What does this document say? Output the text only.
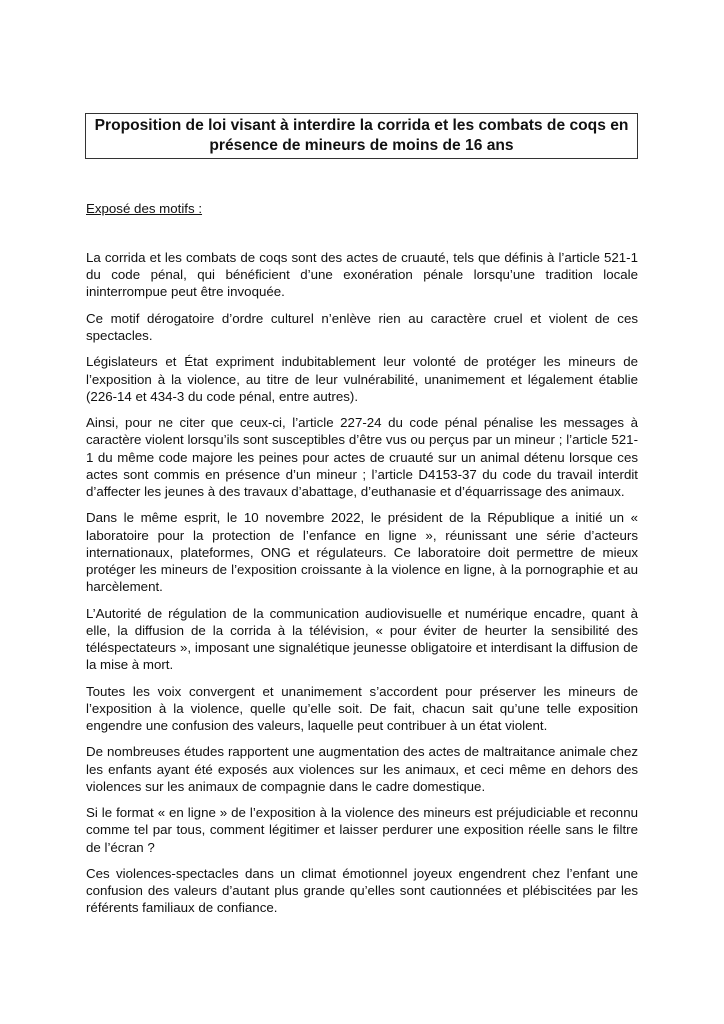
Proposition de loi visant à interdire la corrida et les combats de coqs en présence de mineurs de moins de 16 ans
Exposé des motifs :

La corrida et les combats de coqs sont des actes de cruauté, tels que définis à l’article 521-1 du code pénal, qui bénéficient d’une exonération pénale lorsqu’une tradition locale ininterrompue peut être invoquée.

Ce motif dérogatoire d’ordre culturel n’enlève rien au caractère cruel et violent de ces spectacles.

Législateurs et État expriment indubitablement leur volonté de protéger les mineurs de l’exposition à la violence, au titre de leur vulnérabilité, unanimement et légalement établie (226-14 et 434-3 du code pénal, entre autres).

Ainsi, pour ne citer que ceux-ci, l’article 227-24 du code pénal pénalise les messages à caractère violent lorsqu’ils sont susceptibles d’être vus ou perçus par un mineur ; l’article 521-1 du même code majore les peines pour actes de cruauté sur un animal détenu lorsque ces actes sont commis en présence d’un mineur ; l’article D4153-37 du code du travail interdit d’affecter les jeunes à des travaux d’abattage, d’euthanasie et d’équarrissage des animaux.

Dans le même esprit, le 10 novembre 2022, le président de la République a initié un « laboratoire pour la protection de l’enfance en ligne », réunissant une série d’acteurs internationaux, plateformes, ONG et régulateurs. Ce laboratoire doit permettre de mieux protéger les mineurs de l’exposition croissante à la violence en ligne, à la pornographie et au harcèlement.

L’Autorité de régulation de la communication audiovisuelle et numérique encadre, quant à elle, la diffusion de la corrida à la télévision, « pour éviter de heurter la sensibilité des téléspectateurs », imposant une signalétique jeunesse obligatoire et interdisant la diffusion de la mise à mort.

Toutes les voix convergent et unanimement s’accordent pour préserver les mineurs de l’exposition à la violence, quelle qu’elle soit. De fait, chacun sait qu’une telle exposition engendre une confusion des valeurs, laquelle peut contribuer à un état violent.

De nombreuses études rapportent une augmentation des actes de maltraitance animale chez les enfants ayant été exposés aux violences sur les animaux, et ceci même en dehors des violences sur les animaux de compagnie dans le cadre domestique.

Si le format « en ligne » de l’exposition à la violence des mineurs est préjudiciable et reconnu comme tel par tous, comment légitimer et laisser perdurer une exposition réelle sans le filtre de l’écran ?

Ces violences-spectacles dans un climat émotionnel joyeux engendrent chez l’enfant une confusion des valeurs d’autant plus grande qu’elles sont cautionnées et plébiscitées par les référents familiaux de confiance.
